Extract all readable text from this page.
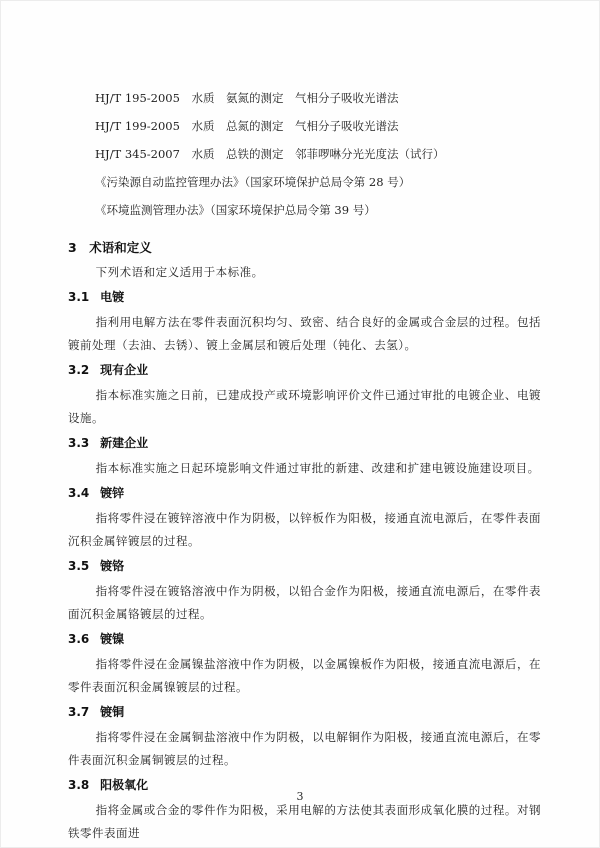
HJ/T 195-2005 水质 氨氮的测定 气相分子吸收光谱法

HJ/T 199-2005 水质 总氮的测定 气相分子吸收光谱法

HJ/T 345-2007 水质 总铁的测定 邻菲啰啉分光光度法（试行）

《污染源自动监控管理办法》（国家环境保护总局令第 28 号）

《环境监测管理办法》（国家环境保护总局令第 39 号）

3 术语和定义

下列术语和定义适用于本标准。

3.1 电镀

指利用电解方法在零件表面沉积均匀、致密、结合良好的金属或合金层的过程。包括镀前处理（去油、去锈）、镀上金属层和镀后处理（钝化、去氢）。

3.2 现有企业

指本标准实施之日前，已建成投产或环境影响评价文件已通过审批的电镀企业、电镀设施。

3.3 新建企业

指本标准实施之日起环境影响文件通过审批的新建、改建和扩建电镀设施建设项目。

3.4 镀锌

指将零件浸在镀锌溶液中作为阴极，以锌板作为阳极，接通直流电源后，在零件表面沉积金属锌镀层的过程。

3.5 镀铬

指将零件浸在镀铬溶液中作为阴极，以铅合金作为阳极，接通直流电源后，在零件表面沉积金属铬镀层的过程。

3.6 镀镍

指将零件浸在金属镍盐溶液中作为阴极，以金属镍板作为阳极，接通直流电源后，在零件表面沉积金属镍镀层的过程。

3.7 镀铜

指将零件浸在金属铜盐溶液中作为阴极，以电解铜作为阳极，接通直流电源后，在零件表面沉积金属铜镀层的过程。

3.8 阳极氧化

指将金属或合金的零件作为阳极，采用电解的方法使其表面形成氧化膜的过程。对钢铁零件表面进

3
